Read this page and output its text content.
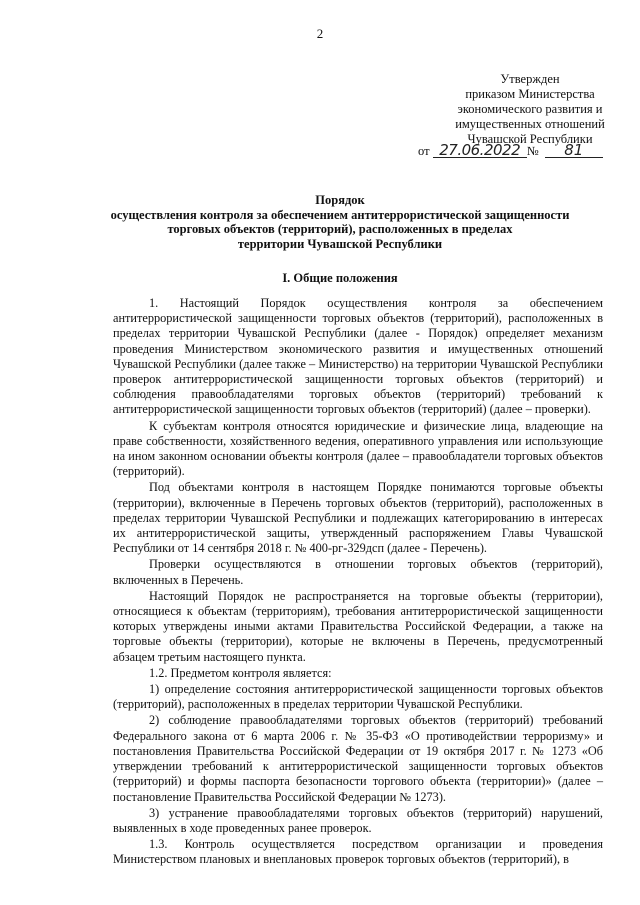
2
Утвержден
приказом Министерства
экономического развития и
имущественных отношений
Чувашской Республики
от 27.06.2022 № 81
Порядок
осуществления контроля за обеспечением антитеррористической защищенности
торговых объектов (территорий), расположенных в пределах
территории Чувашской Республики
I. Общие положения

1. Настоящий Порядок осуществления контроля за обеспечением антитеррористической защищенности торговых объектов (территорий), расположенных в пределах территории Чувашской Республики (далее - Порядок) определяет механизм проведения Министерством экономического развития и имущественных отношений Чувашской Республики (далее также – Министерство) на территории Чувашской Республики проверок антитеррористической защищенности торговых объектов (территорий) и соблюдения правообладателями торговых объектов (территорий) требований к антитеррористической защищенности торговых объектов (территорий) (далее – проверки).

К субъектам контроля относятся юридические и физические лица, владеющие на праве собственности, хозяйственного ведения, оперативного управления или использующие на ином законном основании объекты контроля (далее – правообладатели торговых объектов (территорий).

Под объектами контроля в настоящем Порядке понимаются торговые объекты (территории), включенные в Перечень торговых объектов (территорий), расположенных в пределах территории Чувашской Республики и подлежащих категорированию в интересах их антитеррористической защиты, утвержденный распоряжением Главы Чувашской Республики от 14 сентября 2018 г. № 400-рг-329дсп (далее - Перечень).

Проверки осуществляются в отношении торговых объектов (территорий), включенных в Перечень.

Настоящий Порядок не распространяется на торговые объекты (территории), относящиеся к объектам (территориям), требования антитеррористической защищенности которых утверждены иными актами Правительства Российской Федерации, а также на торговые объекты (территории), которые не включены в Перечень, предусмотренный абзацем третьим настоящего пункта.

1.2. Предметом контроля является:

1) определение состояния антитеррористической защищенности торговых объектов (территорий), расположенных в пределах территории Чувашской Республики.

2) соблюдение правообладателями торговых объектов (территорий) требований Федерального закона от 6 марта 2006 г. № 35-ФЗ «О противодействии терроризму» и постановления Правительства Российской Федерации от 19 октября 2017 г. № 1273 «Об утверждении требований к антитеррористической защищенности торговых объектов (территорий) и формы паспорта безопасности торгового объекта (территории)» (далее – постановление Правительства Российской Федерации № 1273).

3) устранение правообладателями торговых объектов (территорий) нарушений, выявленных в ходе проведенных ранее проверок.

1.3. Контроль осуществляется посредством организации и проведения Министерством плановых и внеплановых проверок торговых объектов (территорий), в
